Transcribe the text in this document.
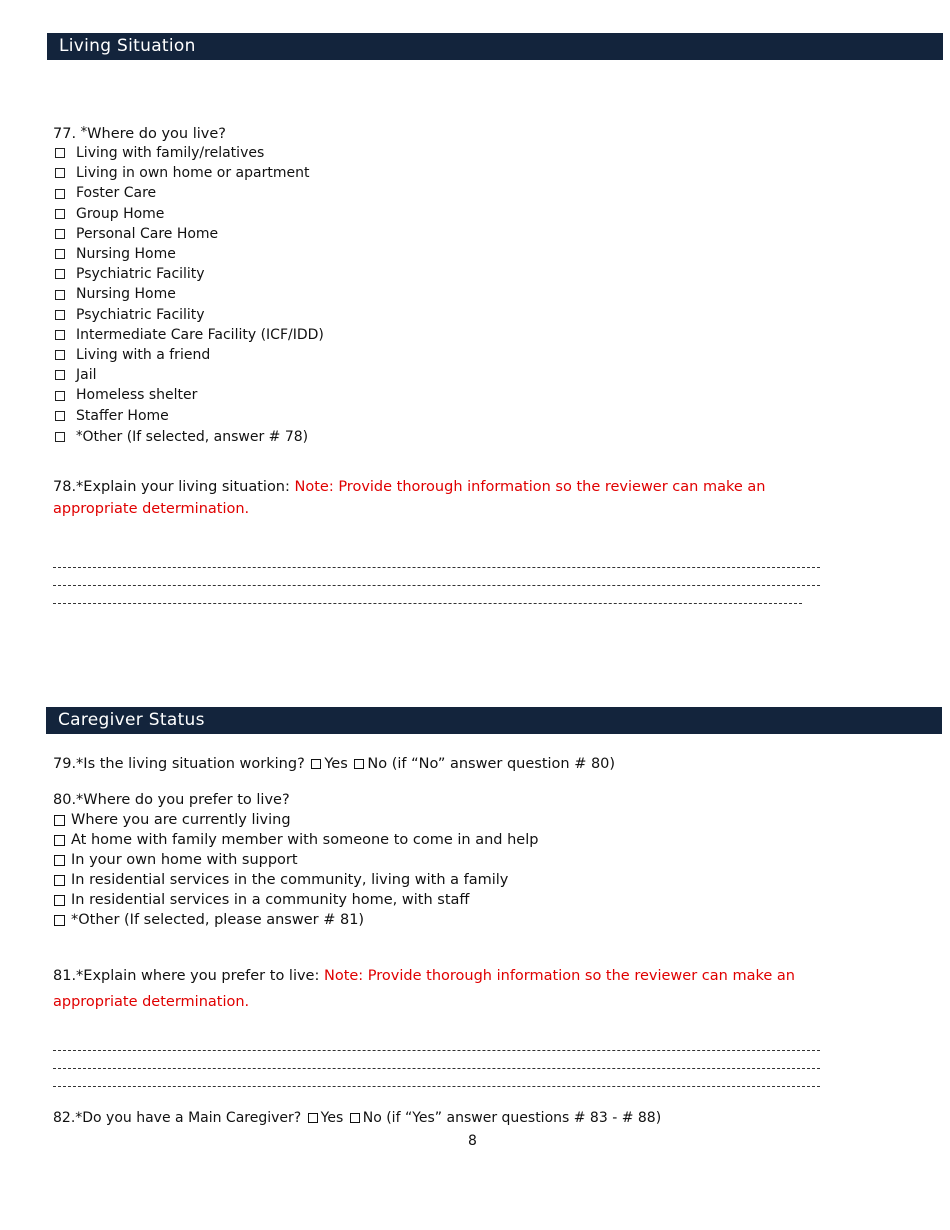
Living Situation
77. *Where do you live?
Living with family/relatives
Living in own home or apartment
Foster Care
Group Home
Personal Care Home
Nursing Home
Psychiatric Facility
Nursing Home
Psychiatric Facility
Intermediate Care Facility (ICF/IDD)
Living with a friend
Jail
Homeless shelter
Staffer Home
* Other (If selected, answer # 78)
78.*Explain your living situation: Note: Provide thorough information so the reviewer can make an
appropriate determination.
Caregiver Status
79.*Is the living situation working? Yes No (if “No” answer question # 80)
80.*Where do you prefer to live?
Where you are currently living
At home with family member with someone to come in and help
In your own home with support
In residential services in the community, living with a family
In residential services in a community home, with staff
*Other (If selected, please answer # 81)
81.*Explain where you prefer to live: Note: Provide thorough information so the reviewer can make an
appropriate determination.
82.*Do you have a Main Caregiver? Yes No (if “Yes” answer questions # 83 - # 88)
8
